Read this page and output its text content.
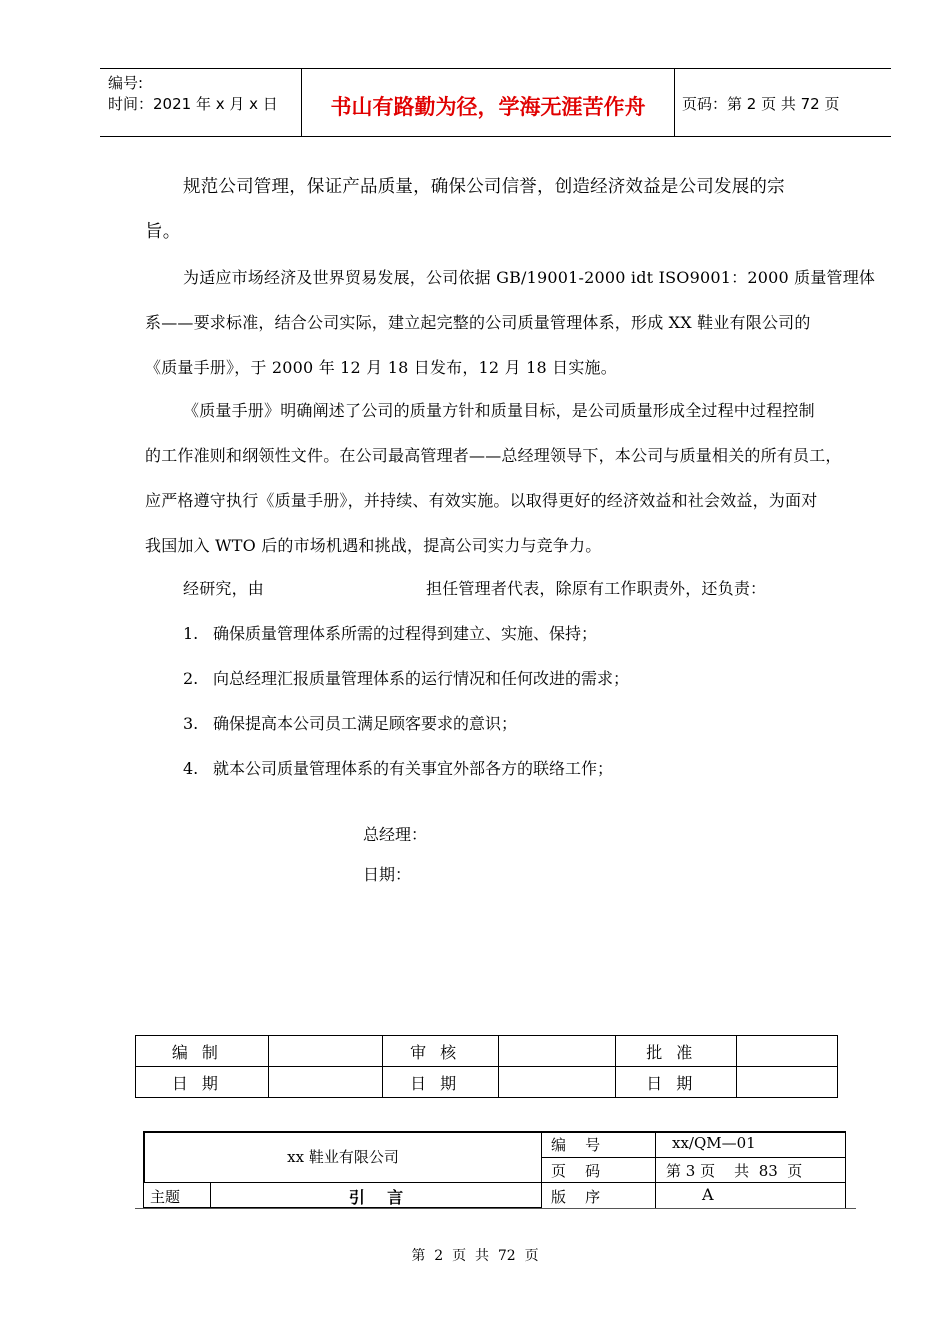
编号:
时间：2021 年 x 月 x 日	书山有路勤为径，学海无涯苦作舟	页码：第 2 页 共 72 页
规范公司管理，保证产品质量，确保公司信誉，创造经济效益是公司发展的宗
旨。
为适应市场经济及世界贸易发展，公司依据 GB/19001-2000 idt ISO9001：2000 质量管理体
系——要求标准，结合公司实际，建立起完整的公司质量管理体系，形成 XX 鞋业有限公司的
《质量手册》，于 2000 年 12 月 18 日发布，12 月 18 日实施。
《质量手册》明确阐述了公司的质量方针和质量目标，是公司质量形成全过程中过程控制
的工作准则和纲领性文件。在公司最高管理者——总经理领导下，本公司与质量相关的所有员工，
应严格遵守执行《质量手册》，并持续、有效实施。以取得更好的经济效益和社会效益，为面对
我国加入 WTO 后的市场机遇和挑战，提高公司实力与竞争力。
经研究，由	担任管理者代表，除原有工作职责外，还负责：
1. 确保质量管理体系所需的过程得到建立、实施、保持；
2. 向总经理汇报质量管理体系的运行情况和任何改进的需求；
3. 确保提高本公司员工满足顾客要求的意识；
4. 就本公司质量管理体系的有关事宜外部各方的联络工作；
总经理：
日期：
编制		审核		批准	
日期		日期		日期	
xx 鞋业有限公司
主题	引    言
编    号	xx/QM—01
页    码	第 3 页    共  83  页
版    序	A
第  2  页  共  72  页
